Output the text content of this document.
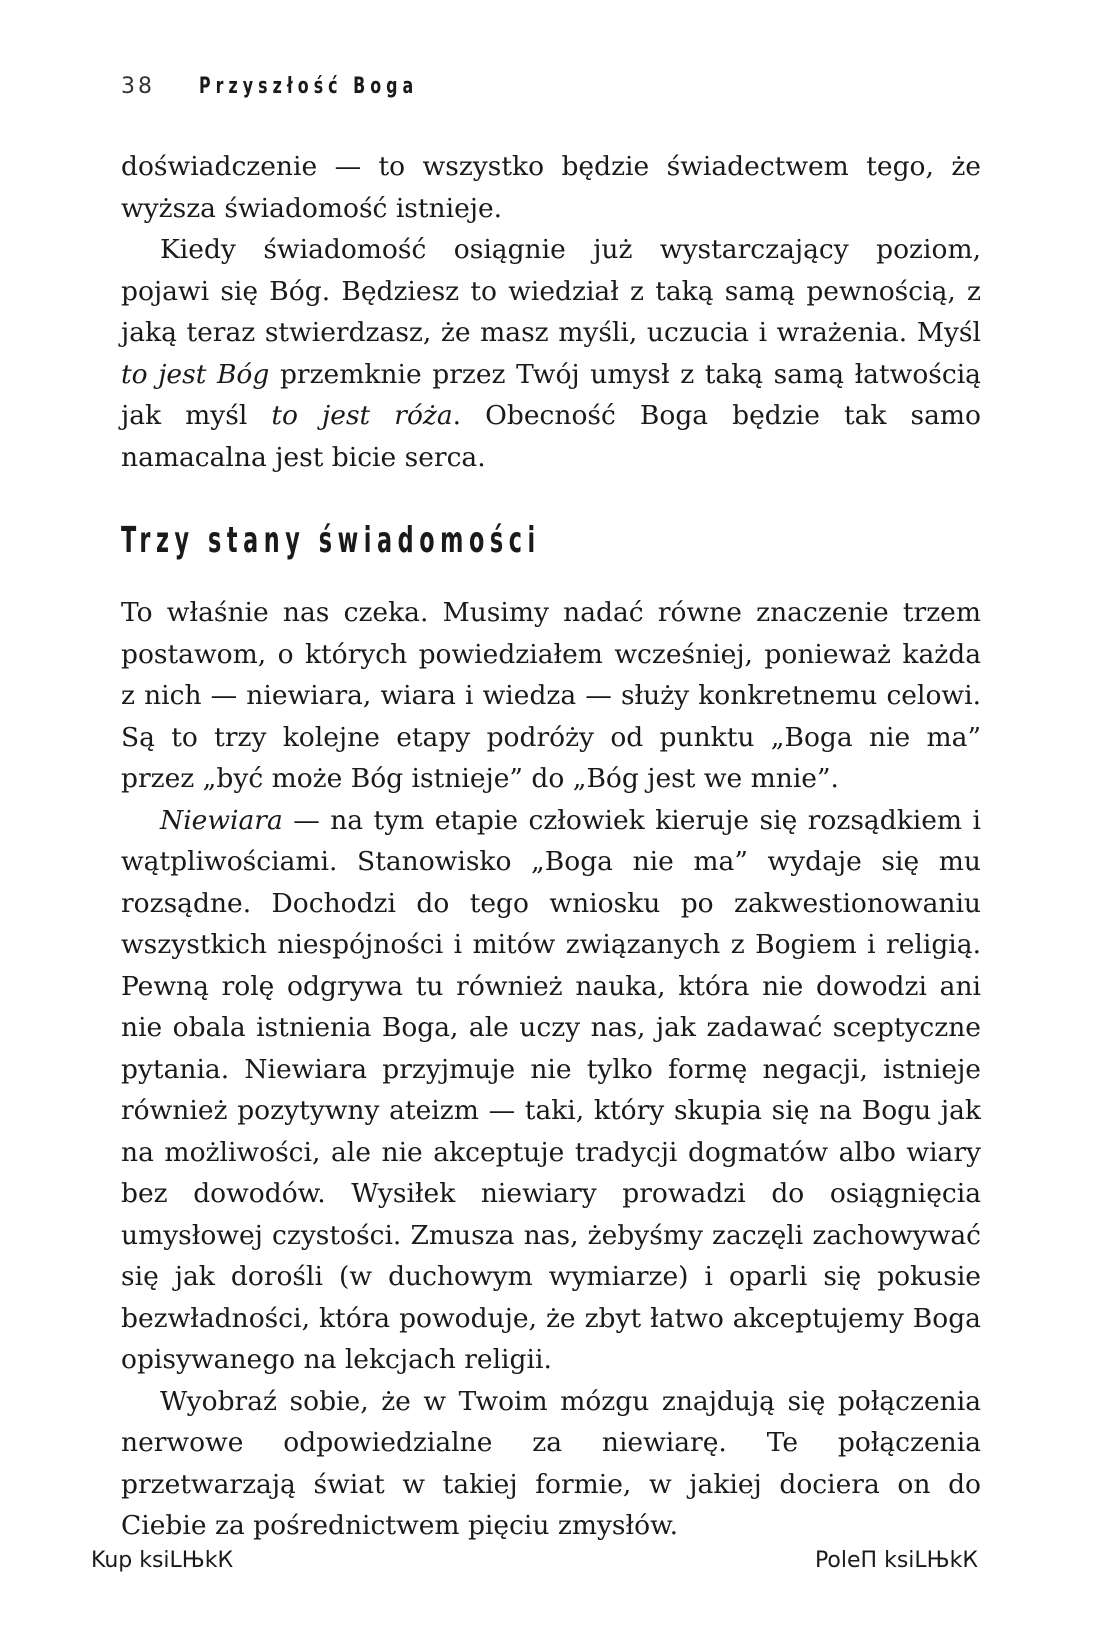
38	Przyszłość Boga

doświadczenie — to wszystko będzie świadectwem tego, że wyższa świadomość istnieje.

Kiedy świadomość osiągnie już wystarczający poziom, pojawi się Bóg. Będziesz to wiedział z taką samą pewnością, z jaką teraz stwierdzasz, że masz myśli, uczucia i wrażenia. Myśl to jest Bóg przemknie przez Twój umysł z taką samą łatwością jak myśl to jest róża. Obecność Boga będzie tak samo namacalna jest bicie serca.

Trzy stany świadomości

To właśnie nas czeka. Musimy nadać równe znaczenie trzem postawom, o których powiedziałem wcześniej, ponieważ każda z nich — niewiara, wiara i wiedza — służy konkretnemu celowi. Są to trzy kolejne etapy podróży od punktu „Boga nie ma” przez „być może Bóg istnieje” do „Bóg jest we mnie”.

Niewiara — na tym etapie człowiek kieruje się rozsądkiem i wątpliwościami. Stanowisko „Boga nie ma” wydaje się mu rozsądne. Dochodzi do tego wniosku po zakwestionowaniu wszystkich niespójności i mitów związanych z Bogiem i religią. Pewną rolę odgrywa tu również nauka, która nie dowodzi ani nie obala istnienia Boga, ale uczy nas, jak zadawać sceptyczne pytania. Niewiara przyjmuje nie tylko formę negacji, istnieje również pozytywny ateizm — taki, który skupia się na Bogu jak na możliwości, ale nie akceptuje tradycji dogmatów albo wiary bez dowodów. Wysiłek niewiary prowadzi do osiągnięcia umysłowej czystości. Zmusza nas, żebyśmy zaczęli zachowywać się jak dorośli (w duchowym wymiarze) i oparli się pokusie bezwładności, która powoduje, że zbyt łatwo akceptujemy Boga opisywanego na lekcjach religii.

Wyobraź sobie, że w Twoim mózgu znajdują się połączenia nerwowe odpowiedzialne za niewiarę. Te połączenia przetwarzają świat w takiej formie, w jakiej dociera on do Ciebie za pośrednictwem pięciu zmysłów.

Kup ksiLЊkК	PoleП ksiLЊkК
